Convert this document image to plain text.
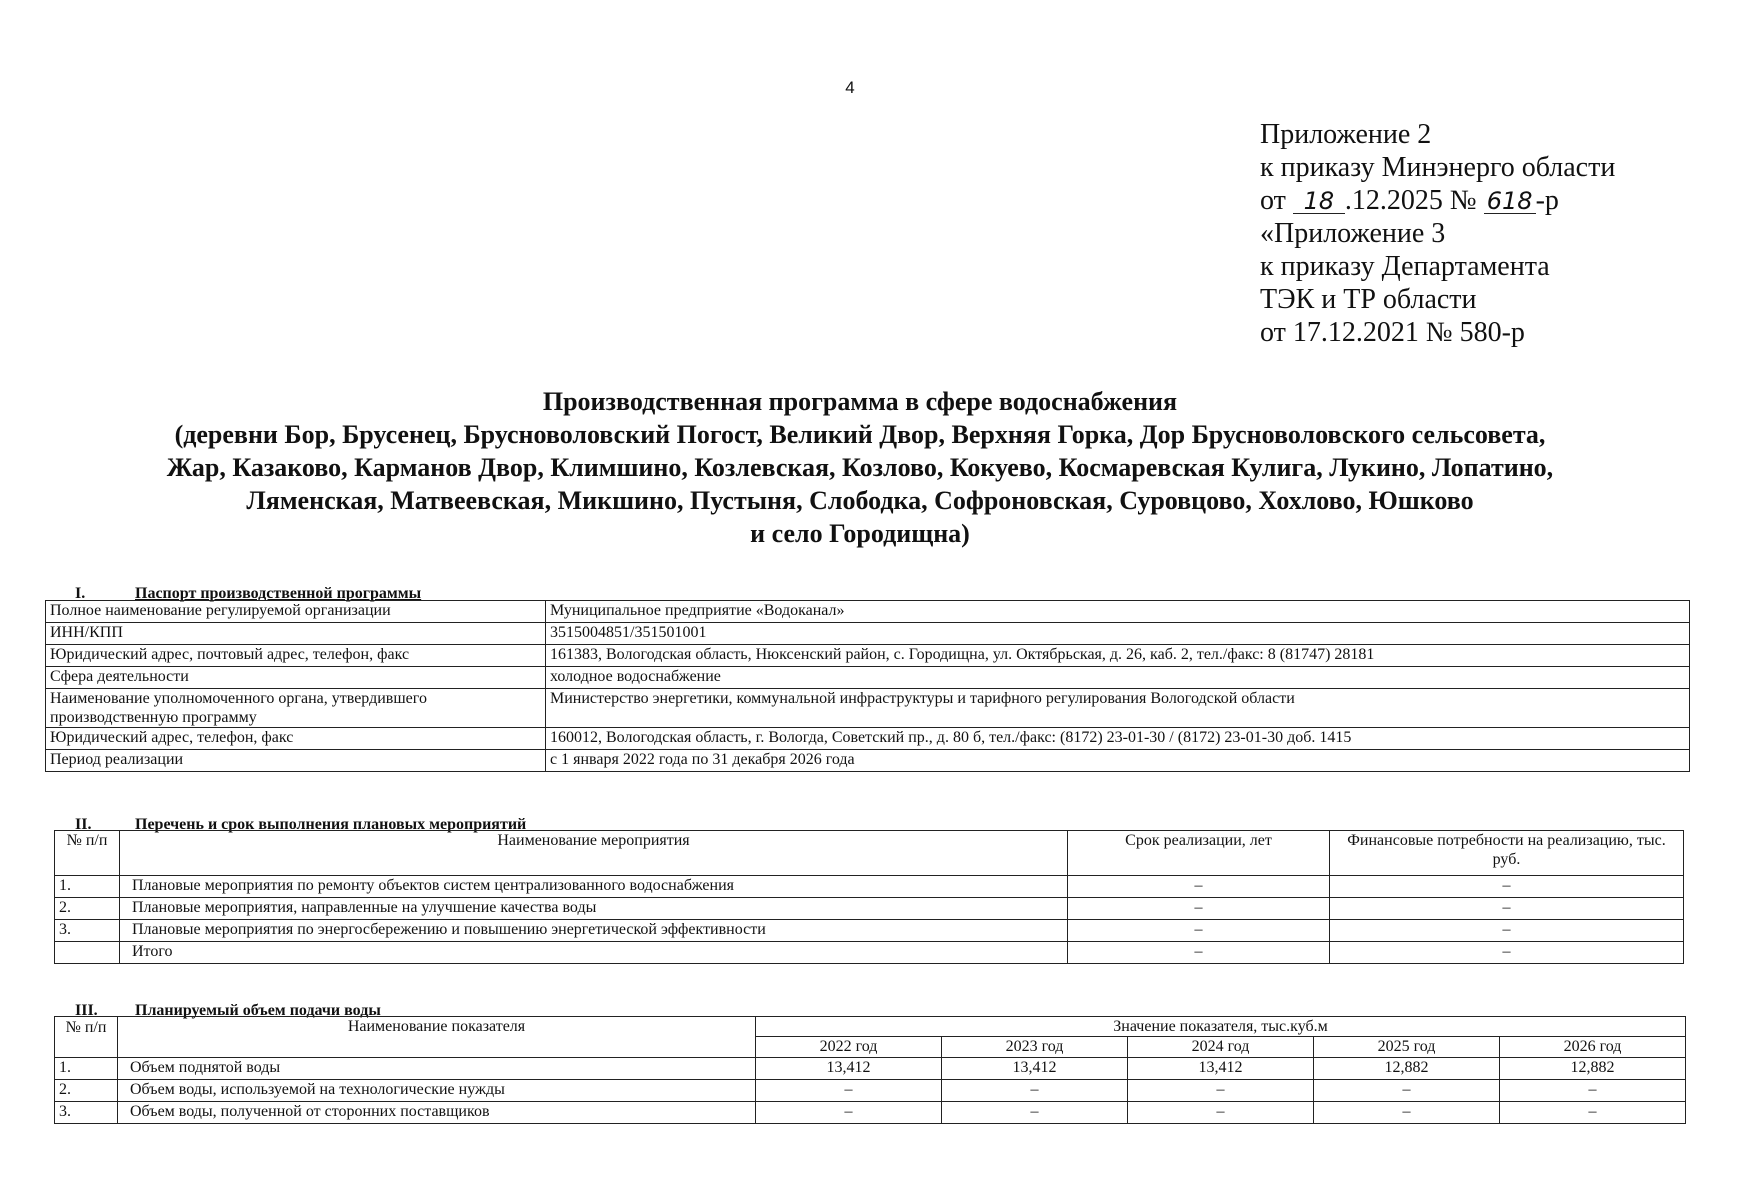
4
Приложение 2
к приказу Минэнерго области
от 18 .12.2025 № 618 -р
«Приложение 3
к приказу Департамента
ТЭК и ТР области
от 17.12.2021 № 580-р
Производственная программа в сфере водоснабжения
(деревни Бор, Брусенец, Брусноволовский Погост, Великий Двор, Верхняя Горка, Дор Брусноволовского сельсовета,
Жар, Казаково, Карманов Двор, Климшино, Козлевская, Козлово, Кокуево, Космаревская Кулига, Лукино, Лопатино,
Ляменская, Матвеевская, Микшино, Пустыня, Слободка, Софроновская, Суровцово, Хохлово, Юшково
и село Городищна)
I.	Паспорт производственной программы
Полное наименование регулируемой организации	Муниципальное предприятие «Водоканал»
ИНН/КПП	3515004851/351501001
Юридический адрес, почтовый адрес, телефон, факс	161383, Вологодская область, Нюксенский район, с. Городищна, ул. Октябрьская, д. 26, каб. 2, тел./факс: 8 (81747) 28181
Сфера деятельности	холодное водоснабжение
Наименование уполномоченного органа, утвердившего производственную программу	Министерство энергетики, коммунальной инфраструктуры и тарифного регулирования Вологодской области
Юридический адрес, телефон, факс	160012, Вологодская область, г. Вологда, Советский пр., д. 80 б, тел./факс: (8172) 23-01-30 / (8172) 23-01-30 доб. 1415
Период реализации	с 1 января 2022 года по 31 декабря 2026 года
II.	Перечень и срок выполнения плановых мероприятий
№ п/п	Наименование мероприятия	Срок реализации, лет	Финансовые потребности на реализацию, тыс. руб.
1.	Плановые мероприятия по ремонту объектов систем централизованного водоснабжения	–	–
2.	Плановые мероприятия, направленные на улучшение качества воды	–	–
3.	Плановые мероприятия по энергосбережению и повышению энергетической эффективности	–	–
	Итого	–	–
III. Планируемый объем подачи воды
№ п/п	Наименование показателя	Значение показателя, тыс.куб.м				
		2022 год	2023 год	2024 год	2025 год	2026 год
1.	Объем поднятой воды	13,412	13,412	13,412	12,882	12,882
2.	Объем воды, используемой на технологические нужды	–	–	–	–	–
3.	Объем воды, полученной от сторонних поставщиков	–	–	–	–	–
